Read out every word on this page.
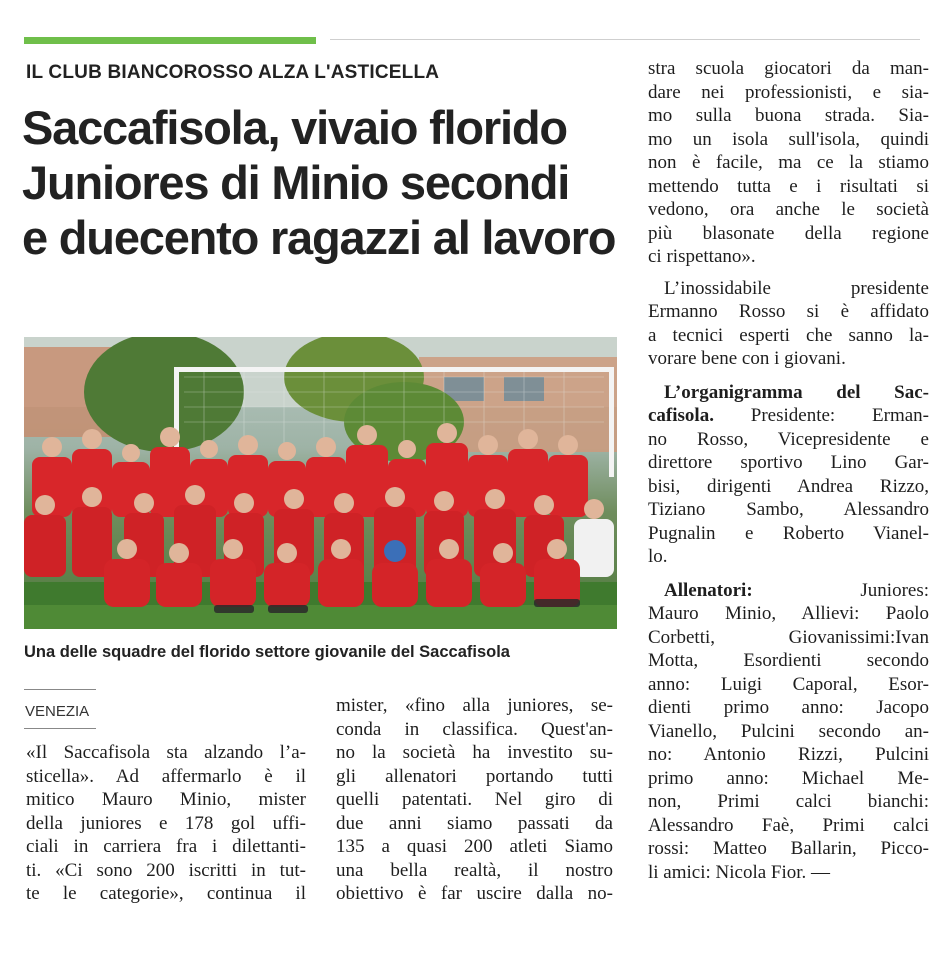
IL CLUB BIANCOROSSO ALZA L'ASTICELLA

Saccafisola, vivaio florido
Juniores di Minio secondi
e duecento ragazzi al lavoro

Una delle squadre del florido settore giovanile del Saccafisola

VENEZIA

«Il Saccafisola sta alzando l’a-
sticella». Ad affermarlo è il
mitico Mauro Minio, mister
della juniores e 178 gol uffi-
ciali in carriera fra i dilettanti-
ti. «Ci sono 200 iscritti in tut-
te le categorie», continua il
mister, «fino alla juniores, se-
conda in classifica. Quest'an-
no la società ha investito su-
gli allenatori portando tutti
quelli patentati. Nel giro di
due anni siamo passati da
135 a quasi 200 atleti Siamo
una bella realtà, il nostro
obiettivo è far uscire dalla no-
stra scuola giocatori da man-
dare nei professionisti, e sia-
mo sulla buona strada. Sia-
mo un isola sull'isola, quindi
non è facile, ma ce la stiamo
mettendo tutta e i risultati si
vedono, ora anche le società
più blasonate della regione
ci rispettano».
L’inossidabile presidente
Ermanno Rosso si è affidato
a tecnici esperti che sanno la-
vorare bene con i giovani.
L’organigramma del Sac-
cafisola. Presidente: Erman-
no Rosso, Vicepresidente e
direttore sportivo Lino Gar-
bisi, dirigenti Andrea Rizzo,
Tiziano Sambo, Alessandro
Pugnalin e Roberto Vianel-
lo.
Allenatori: Juniores:
Mauro Minio, Allievi: Paolo
Corbetti, Giovanissimi:Ivan
Motta, Esordienti secondo
anno: Luigi Caporal, Esor-
dienti primo anno: Jacopo
Vianello, Pulcini secondo an-
no: Antonio Rizzi, Pulcini
primo anno: Michael Me-
non, Primi calci bianchi:
Alessandro Faè, Primi calci
rossi: Matteo Ballarin, Picco-
li amici: Nicola Fior. —
